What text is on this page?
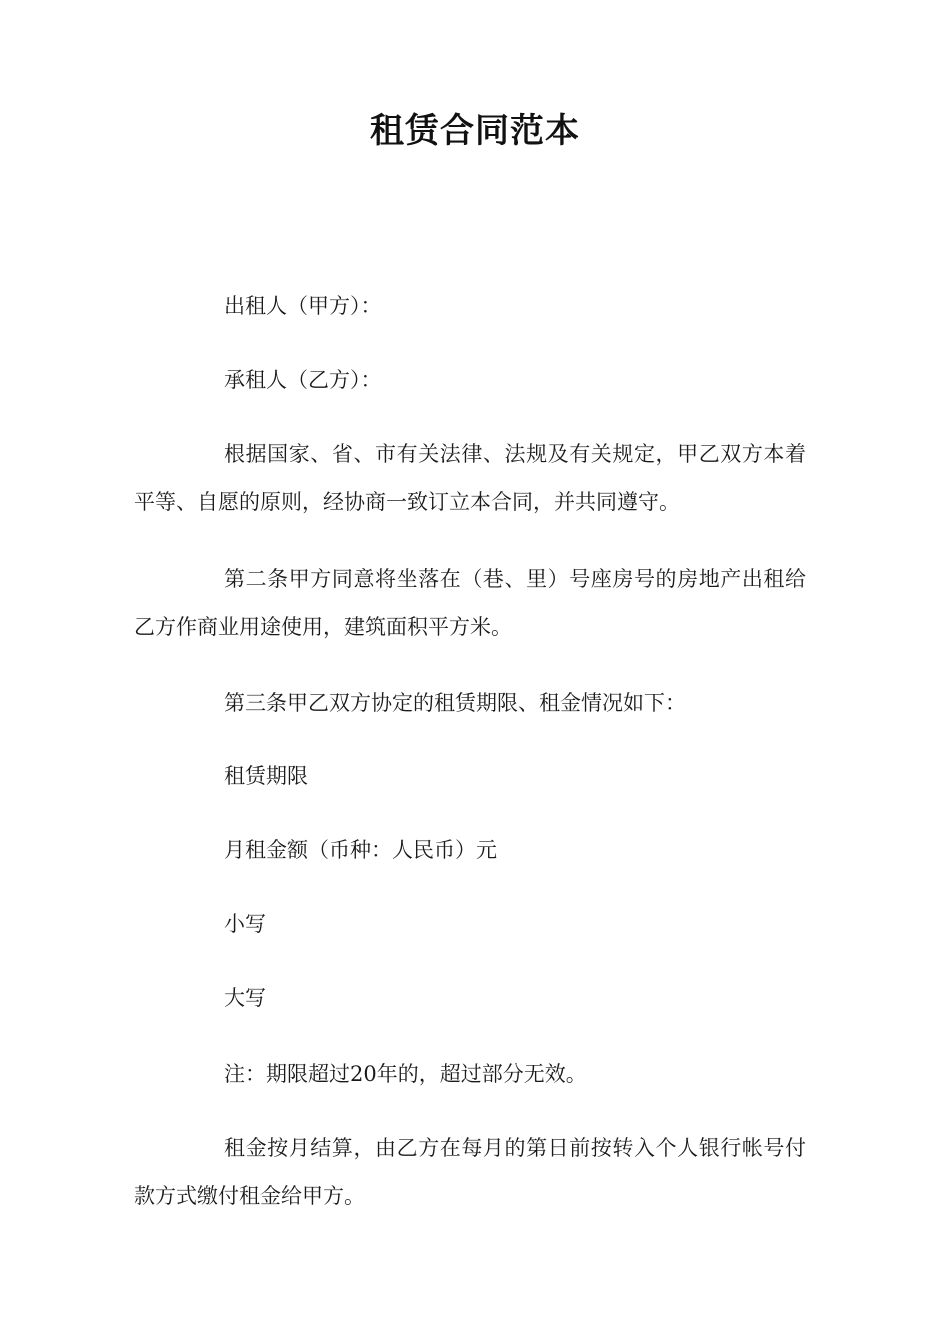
租赁合同范本

出租人（甲方）：

承租人（乙方）：

根据国家、省、市有关法律、法规及有关规定，甲乙双方本着平等、自愿的原则，经协商一致订立本合同，并共同遵守。

第二条甲方同意将坐落在（巷、里）号座房号的房地产出租给乙方作商业用途使用，建筑面积平方米。

第三条甲乙双方协定的租赁期限、租金情况如下：

租赁期限

月租金额（币种：人民币）元

小写

大写

注：期限超过20年的，超过部分无效。

租金按月结算，由乙方在每月的第日前按转入个人银行帐号付款方式缴付租金给甲方。
